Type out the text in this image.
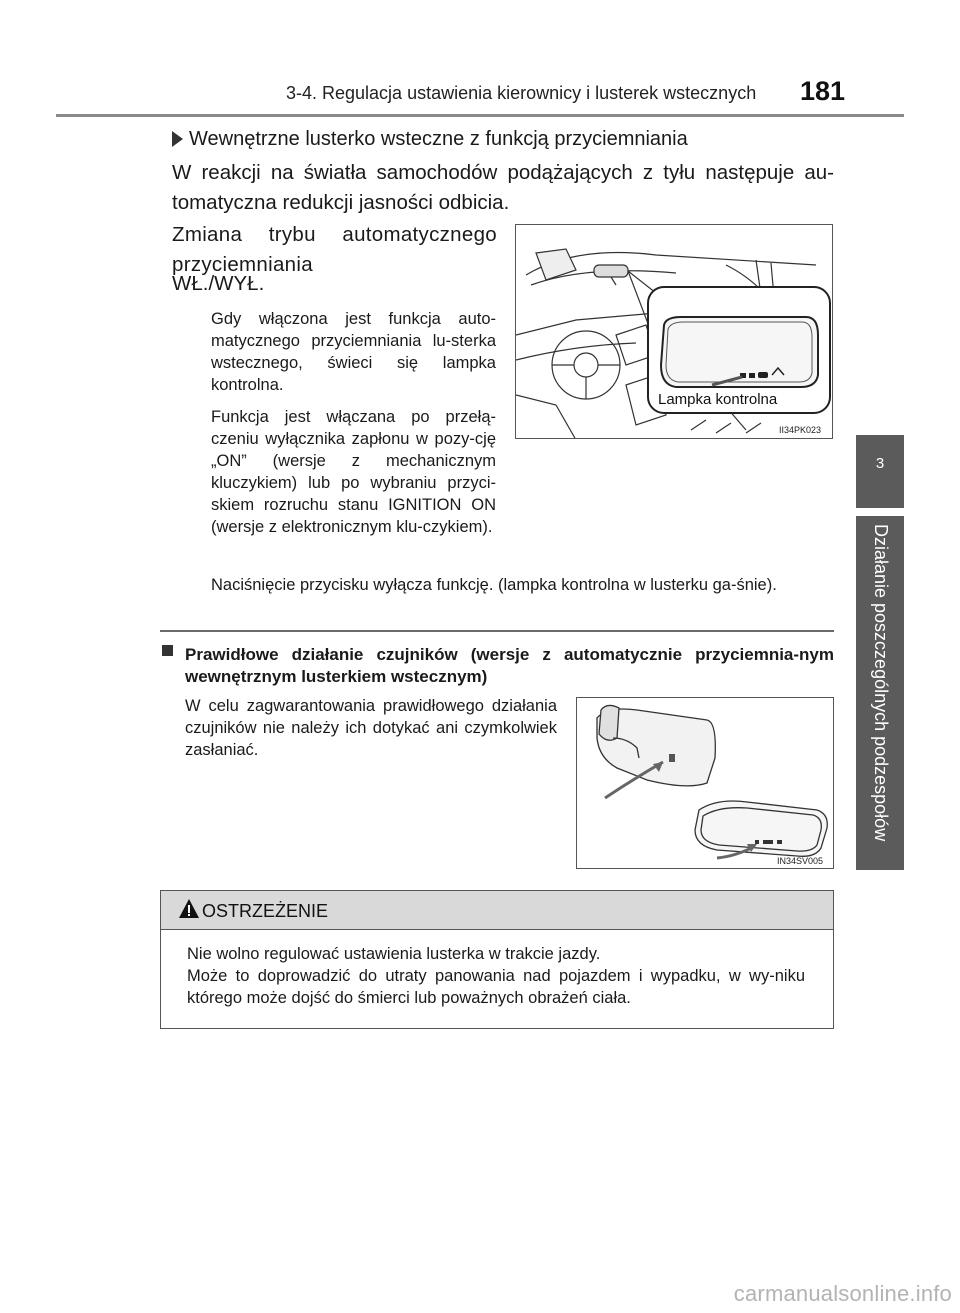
3-4. Regulacja ustawienia kierownicy i lusterek wstecznych 181
3
Działanie poszczególnych podzespołów
Wewnętrzne lusterko wsteczne z funkcją przyciemniania
W reakcji na światła samochodów podążających z tyłu następuje au-tomatyczna redukcji jasności odbicia.
Zmiana trybu automatycznego przyciemniania
WŁ./WYŁ.
Gdy włączona jest funkcja auto-matycznego przyciemniania lu-sterka wstecznego, świeci się lampka kontrolna.
Funkcja jest włączana po przełą-czeniu wyłącznika zapłonu w pozy-cję „ON” (wersje z mechanicznym kluczykiem) lub po wybraniu przyci-skiem rozruchu stanu IGNITION ON (wersje z elektronicznym klu-czykiem).
Naciśnięcie przycisku wyłącza funkcję. (lampka kontrolna w lusterku ga-śnie).
Lampka kontrolna
II34PK023
Prawidłowe działanie czujników (wersje z automatycznie przyciemnia-nym wewnętrznym lusterkiem wstecznym)
W celu zagwarantowania prawidłowego działania czujników nie należy ich dotykać ani czymkolwiek zasłaniać.
IN34SV005
OSTRZEŻENIE
Nie wolno regulować ustawienia lusterka w trakcie jazdy.
Może to doprowadzić do utraty panowania nad pojazdem i wypadku, w wy-niku którego może dojść do śmierci lub poważnych obrażeń ciała.
carmanualsonline.info
